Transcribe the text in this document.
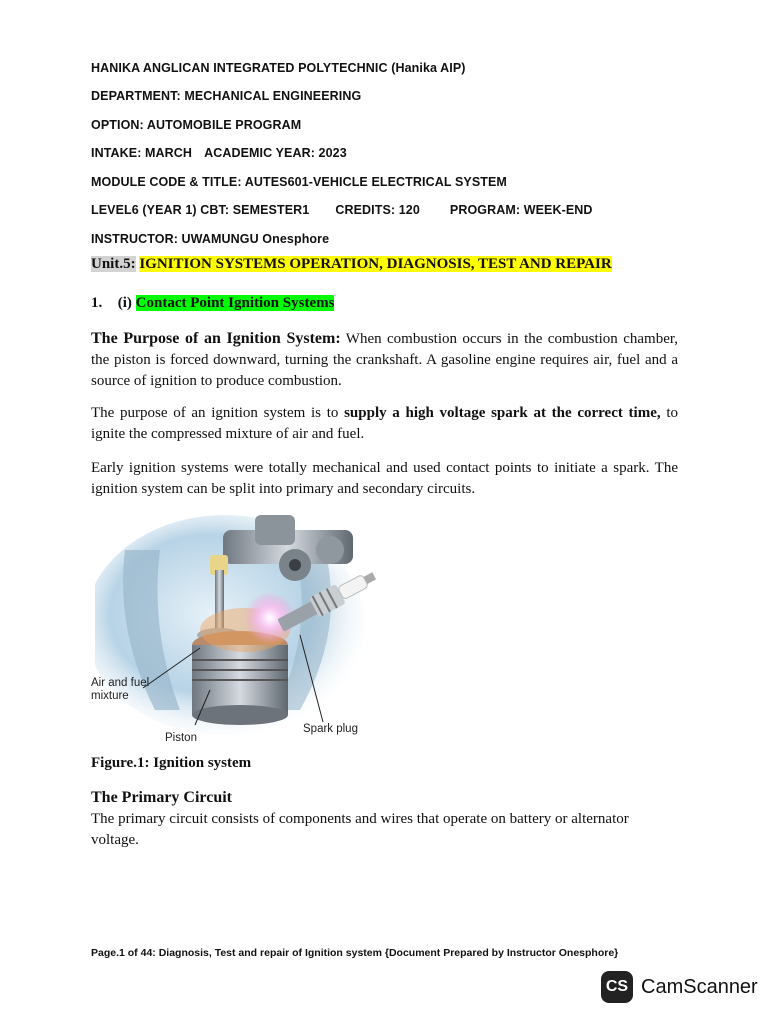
HANIKA ANGLICAN INTEGRATED POLYTECHNIC (Hanika AIP)
DEPARTMENT: MECHANICAL ENGINEERING
OPTION: AUTOMOBILE PROGRAM
INTAKE: MARCH ACADEMIC YEAR: 2023
MODULE CODE & TITLE: AUTES601-VEHICLE ELECTRICAL SYSTEM
LEVEL6 (YEAR 1) CBT: SEMESTER1 CREDITS: 120 PROGRAM: WEEK-END
INSTRUCTOR: UWAMUNGU Onesphore
Unit.5: IGNITION SYSTEMS OPERATION, DIAGNOSIS, TEST AND REPAIR
1. (i) Contact Point Ignition Systems
The Purpose of an Ignition System: When combustion occurs in the combustion chamber, the piston is forced downward, turning the crankshaft. A gasoline engine requires air, fuel and a source of ignition to produce combustion.
The purpose of an ignition system is to supply a high voltage spark at the correct time, to ignite the compressed mixture of air and fuel.
Early ignition systems were totally mechanical and used contact points to initiate a spark. The ignition system can be split into primary and secondary circuits.
Air and fuel mixture
Piston
Spark plug
Figure.1: Ignition system
The Primary Circuit
The primary circuit consists of components and wires that operate on battery or alternator voltage.
Page.1 of 44: Diagnosis, Test and repair of Ignition system {Document Prepared by Instructor Onesphore}
CS CamScanner
